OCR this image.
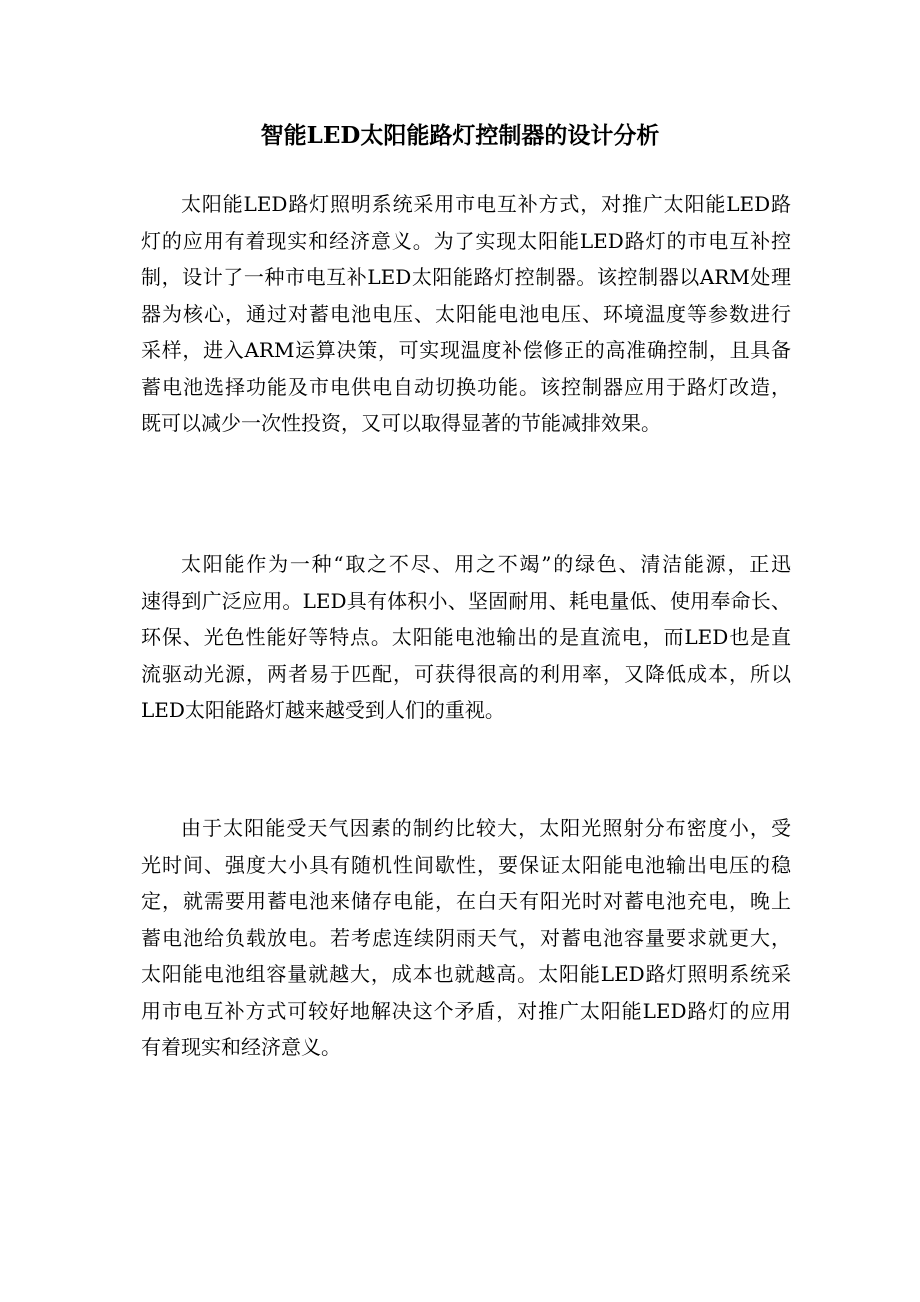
智能LED太阳能路灯控制器的设计分析
太阳能LED路灯照明系统采用市电互补方式，对推广太阳能LED路
灯的应用有着现实和经济意义。为了实现太阳能LED路灯的市电互补控
制，设计了一种市电互补LED太阳能路灯控制器。该控制器以ARM处理
器为核心，通过对蓄电池电压、太阳能电池电压、环境温度等参数进行
采样，进入ARM运算决策，可实现温度补偿修正的高准确控制，且具备
蓄电池选择功能及市电供电自动切换功能。该控制器应用于路灯改造，
既可以减少一次性投资，又可以取得显著的节能减排效果。
太阳能作为一种“取之不尽、用之不竭”的绿色、清洁能源，正迅
速得到广泛应用。LED具有体积小、坚固耐用、耗电量低、使用奉命长、
环保、光色性能好等特点。太阳能电池输出的是直流电，而LED也是直
流驱动光源，两者易于匹配，可获得很高的利用率，又降低成本，所以
LED太阳能路灯越来越受到人们的重视。
由于太阳能受天气因素的制约比较大，太阳光照射分布密度小，受
光时间、强度大小具有随机性间歇性，要保证太阳能电池输出电压的稳
定，就需要用蓄电池来储存电能，在白天有阳光时对蓄电池充电，晚上
蓄电池给负载放电。若考虑连续阴雨天气，对蓄电池容量要求就更大，
太阳能电池组容量就越大，成本也就越高。太阳能LED路灯照明系统采
用市电互补方式可较好地解决这个矛盾，对推广太阳能LED路灯的应用
有着现实和经济意义。
